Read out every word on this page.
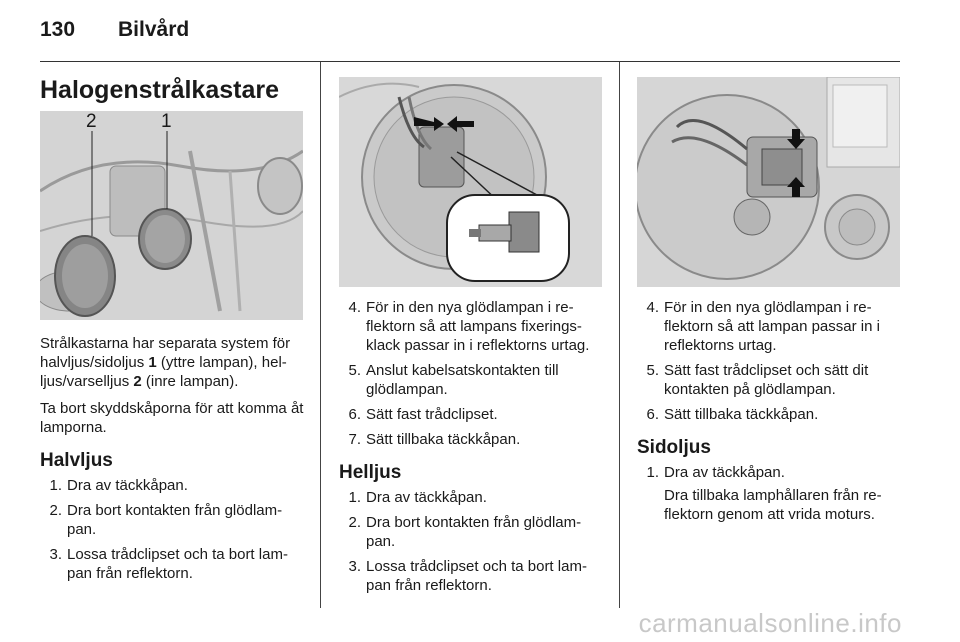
130 Bilvård
Halogenstrålkastare
2	1

Strålkastarna har separata system för halvljus/sidoljus 1 (yttre lampan), hel-ljus/varselljus 2 (inre lampan).

Ta bort skyddskåporna för att komma åt lamporna.

Halvljus
1. Dra av täckkåpan.
2. Dra bort kontakten från glödlam-pan.
3. Lossa trådclipset och ta bort lam-pan från reflektorn.
4. För in den nya glödlampan i re-flektorn så att lampans fixerings-klack passar in i reflektorns urtag.
5. Anslut kabelsatskontakten till glödlampan.
6. Sätt fast trådclipset.
7. Sätt tillbaka täckkåpan.
Helljus
1. Dra av täckkåpan.
2. Dra bort kontakten från glödlam-pan.
3. Lossa trådclipset och ta bort lam-pan från reflektorn.
4. För in den nya glödlampan i re-flektorn så att lampan passar in i reflektorns urtag.
5. Sätt fast trådclipset och sätt dit kontakten på glödlampan.
6. Sätt tillbaka täckkåpan.
Sidoljus
1. Dra av täckkåpan.
Dra tillbaka lamphållaren från re-flektorn genom att vrida moturs.
carmanualsonline.info
